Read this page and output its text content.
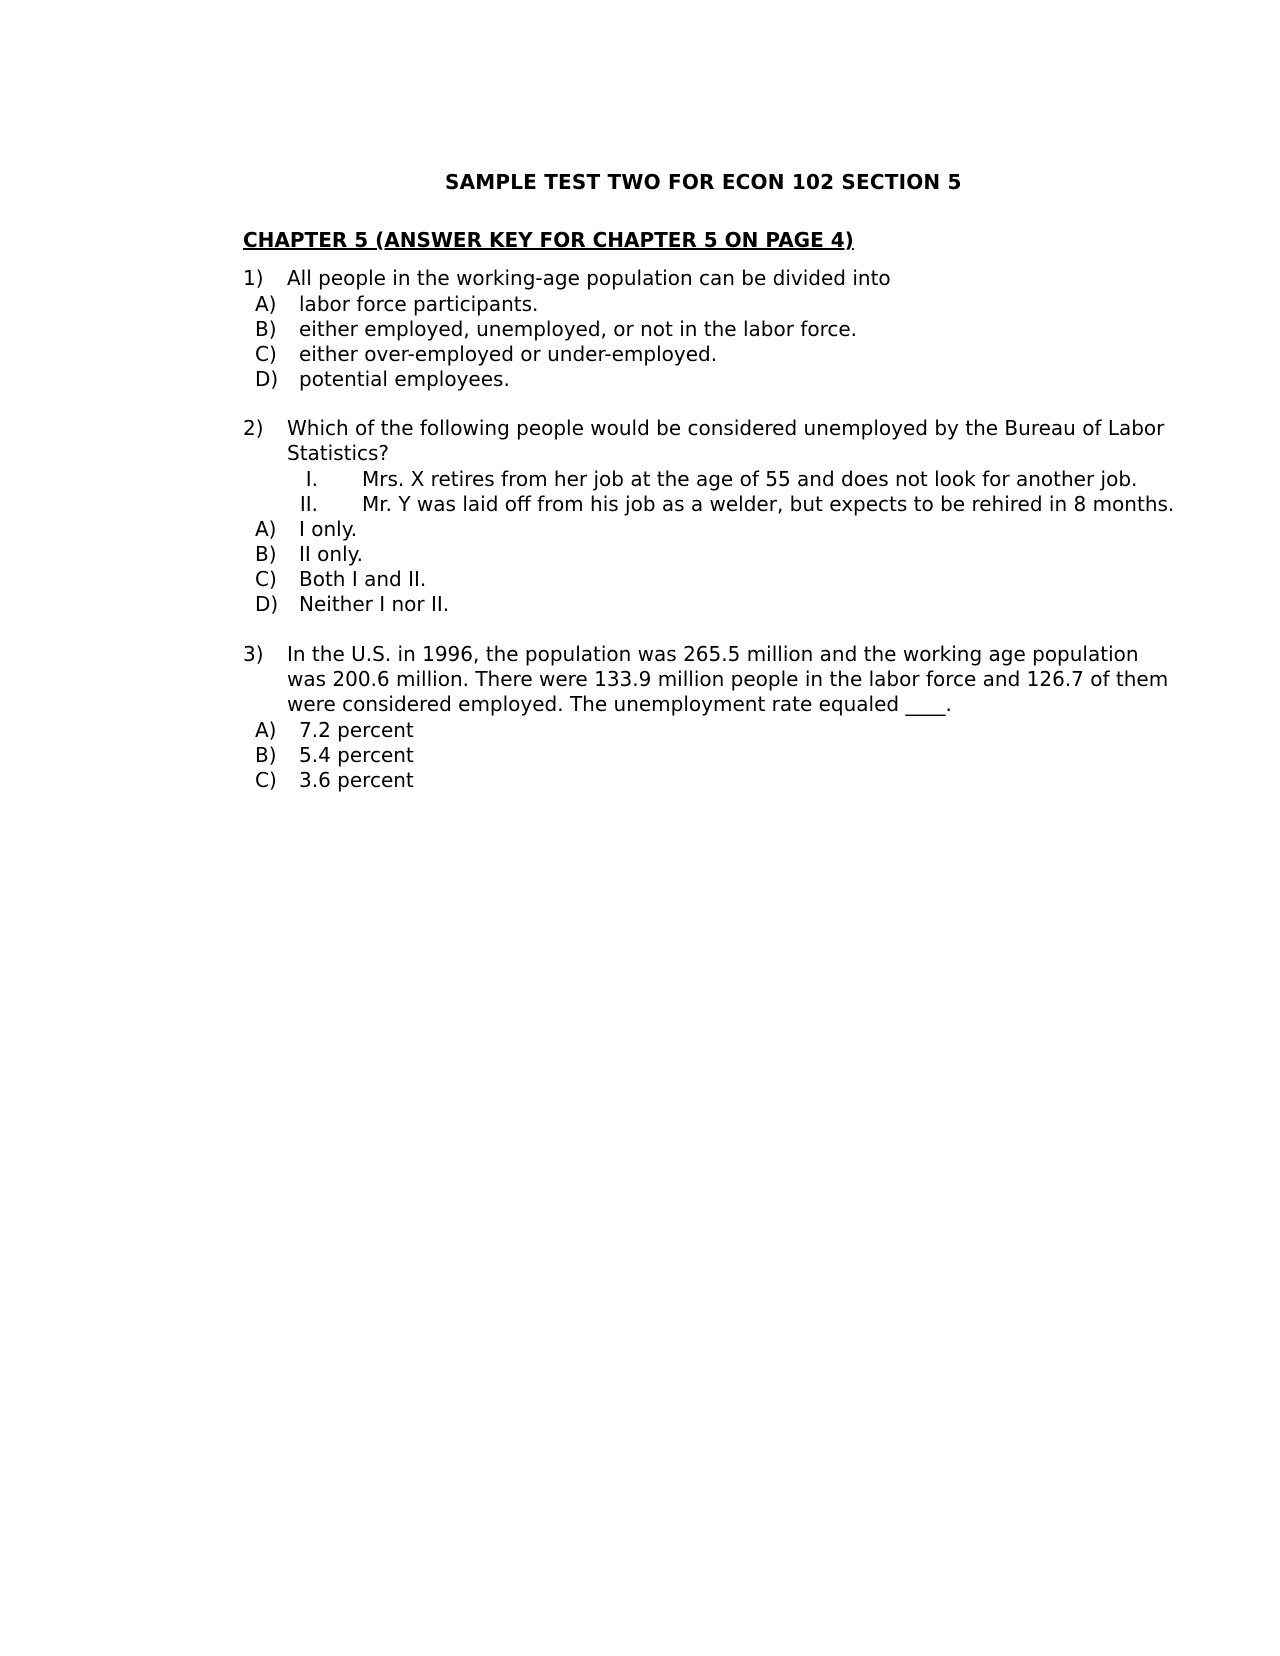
SAMPLE TEST TWO FOR ECON 102 SECTION 5
CHAPTER 5 (ANSWER KEY FOR CHAPTER 5 ON PAGE 4)
1)	All people in the working-age population can be divided into
A)	labor force participants.
B)	either employed, unemployed, or not in the labor force.
C)	either over-employed or under-employed.
D)	potential employees.
2)	Which of the following people would be considered unemployed by the Bureau of Labor Statistics?
I.	Mrs. X retires from her job at the age of 55 and does not look for another job.
II.	Mr. Y was laid off from his job as a welder, but expects to be rehired in 8 months.
A)	I only.
B)	II only.
C)	Both I and II.
D)	Neither I nor II.
3)	In the U.S. in 1996, the population was 265.5 million and the working age population was 200.6 million. There were 133.9 million people in the labor force and 126.7 of them were considered employed. The unemployment rate equaled ____.
A)	7.2 percent
B)	5.4 percent
C)	3.6 percent
